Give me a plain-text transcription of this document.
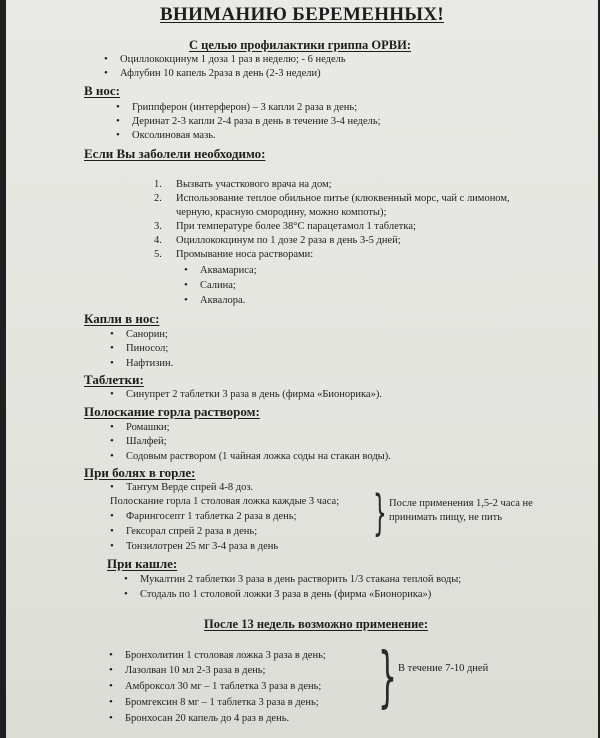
ВНИМАНИЮ БЕРЕМЕННЫХ!
С целью профилактики гриппа ОРВИ:
• Оциллококцинум 1 доза 1 раз в неделю; - 6 недель
• Афлубин 10 капель 2раза в день (2-3 недели)
В нос:
• Гриппферон (интерферон) – 3 капли 2 раза в день;
• Деринат 2-3 капли 2-4 раза в день в течение 3-4 недель;
• Оксолиновая мазь.
Если Вы заболели необходимо:
1. Вызвать участкового врача на дом;
2. Использование теплое обильное питье (клюквенный морс, чай с лимоном,
черную, красную смородину, можно компоты);
3. При температуре более 38°С парацетамол 1 таблетка;
4. Оциллококцинум по 1 дозе 2 раза в день 3-5 дней;
5. Промывание носа растворами:
• Аквамариса;
• Салина;
• Аквалора.
Капли в нос:
• Санорин;
• Пиносол;
• Нафтизин.
Таблетки:
• Синупрет 2 таблетки 3 раза в день (фирма «Бионорика»).
Полоскание горла раствором:
• Ромашки;
• Шалфей;
• Содовым раствором (1 чайная ложка соды на стакан воды).
При болях в горле:
• Тантум Верде спрей 4-8 доз.
Полоскание горла 1 столовая ложка каждые 3 часа;
• Фарингосепт 1 таблетка 2 раза в день;
• Гексорал спрей 2 раза в день;
• Тонзилотрен 25 мг 3-4 раза в день
} После применения 1,5-2 часа не
принимать пищу, не пить
При кашле:
• Мукалтин 2 таблетки 3 раза в день растворить 1/3 стакана теплой воды;
• Стодаль по 1 столовой ложки 3 раза в день (фирма «Бионорика»)
После 13 недель возможно применение:
• Бронхолитин 1 столовая ложка 3 раза в день;
• Лазолван 10 мл 2-3 раза в день;
• Амброксол 30 мг – 1 таблетка 3 раза в день;
• Бромгексин 8 мг – 1 таблетка 3 раза в день;
• Бронхосан 20 капель до 4 раз в день.
} В течение 7-10 дней
